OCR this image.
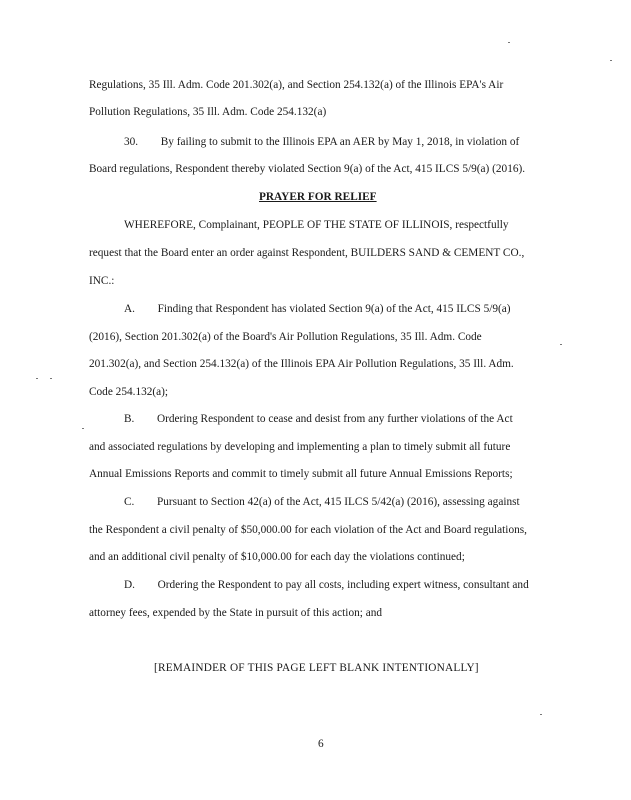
Regulations, 35 Ill. Adm. Code 201.302(a), and Section 254.132(a) of the Illinois EPA's Air
Pollution Regulations, 35 Ill. Adm. Code 254.132(a)
30.        By failing to submit to the Illinois EPA an AER by May 1, 2018, in violation of
Board regulations, Respondent thereby violated Section 9(a) of the Act, 415 ILCS 5/9(a) (2016).
PRAYER FOR RELIEF
WHEREFORE, Complainant, PEOPLE OF THE STATE OF ILLINOIS, respectfully
request that the Board enter an order against Respondent, BUILDERS SAND & CEMENT CO.,
INC.:
A.        Finding that Respondent has violated Section 9(a) of the Act, 415 ILCS 5/9(a)
(2016), Section 201.302(a) of the Board's Air Pollution Regulations, 35 Ill. Adm. Code
201.302(a), and Section 254.132(a) of the Illinois EPA Air Pollution Regulations, 35 Ill. Adm.
Code 254.132(a);
B.        Ordering Respondent to cease and desist from any further violations of the Act
and associated regulations by developing and implementing a plan to timely submit all future
Annual Emissions Reports and commit to timely submit all future Annual Emissions Reports;
C.        Pursuant to Section 42(a) of the Act, 415 ILCS 5/42(a) (2016), assessing against
the Respondent a civil penalty of $50,000.00 for each violation of the Act and Board regulations,
and an additional civil penalty of $10,000.00 for each day the violations continued;
D.        Ordering the Respondent to pay all costs, including expert witness, consultant and
attorney fees, expended by the State in pursuit of this action; and
[REMAINDER OF THIS PAGE LEFT BLANK INTENTIONALLY]
6
